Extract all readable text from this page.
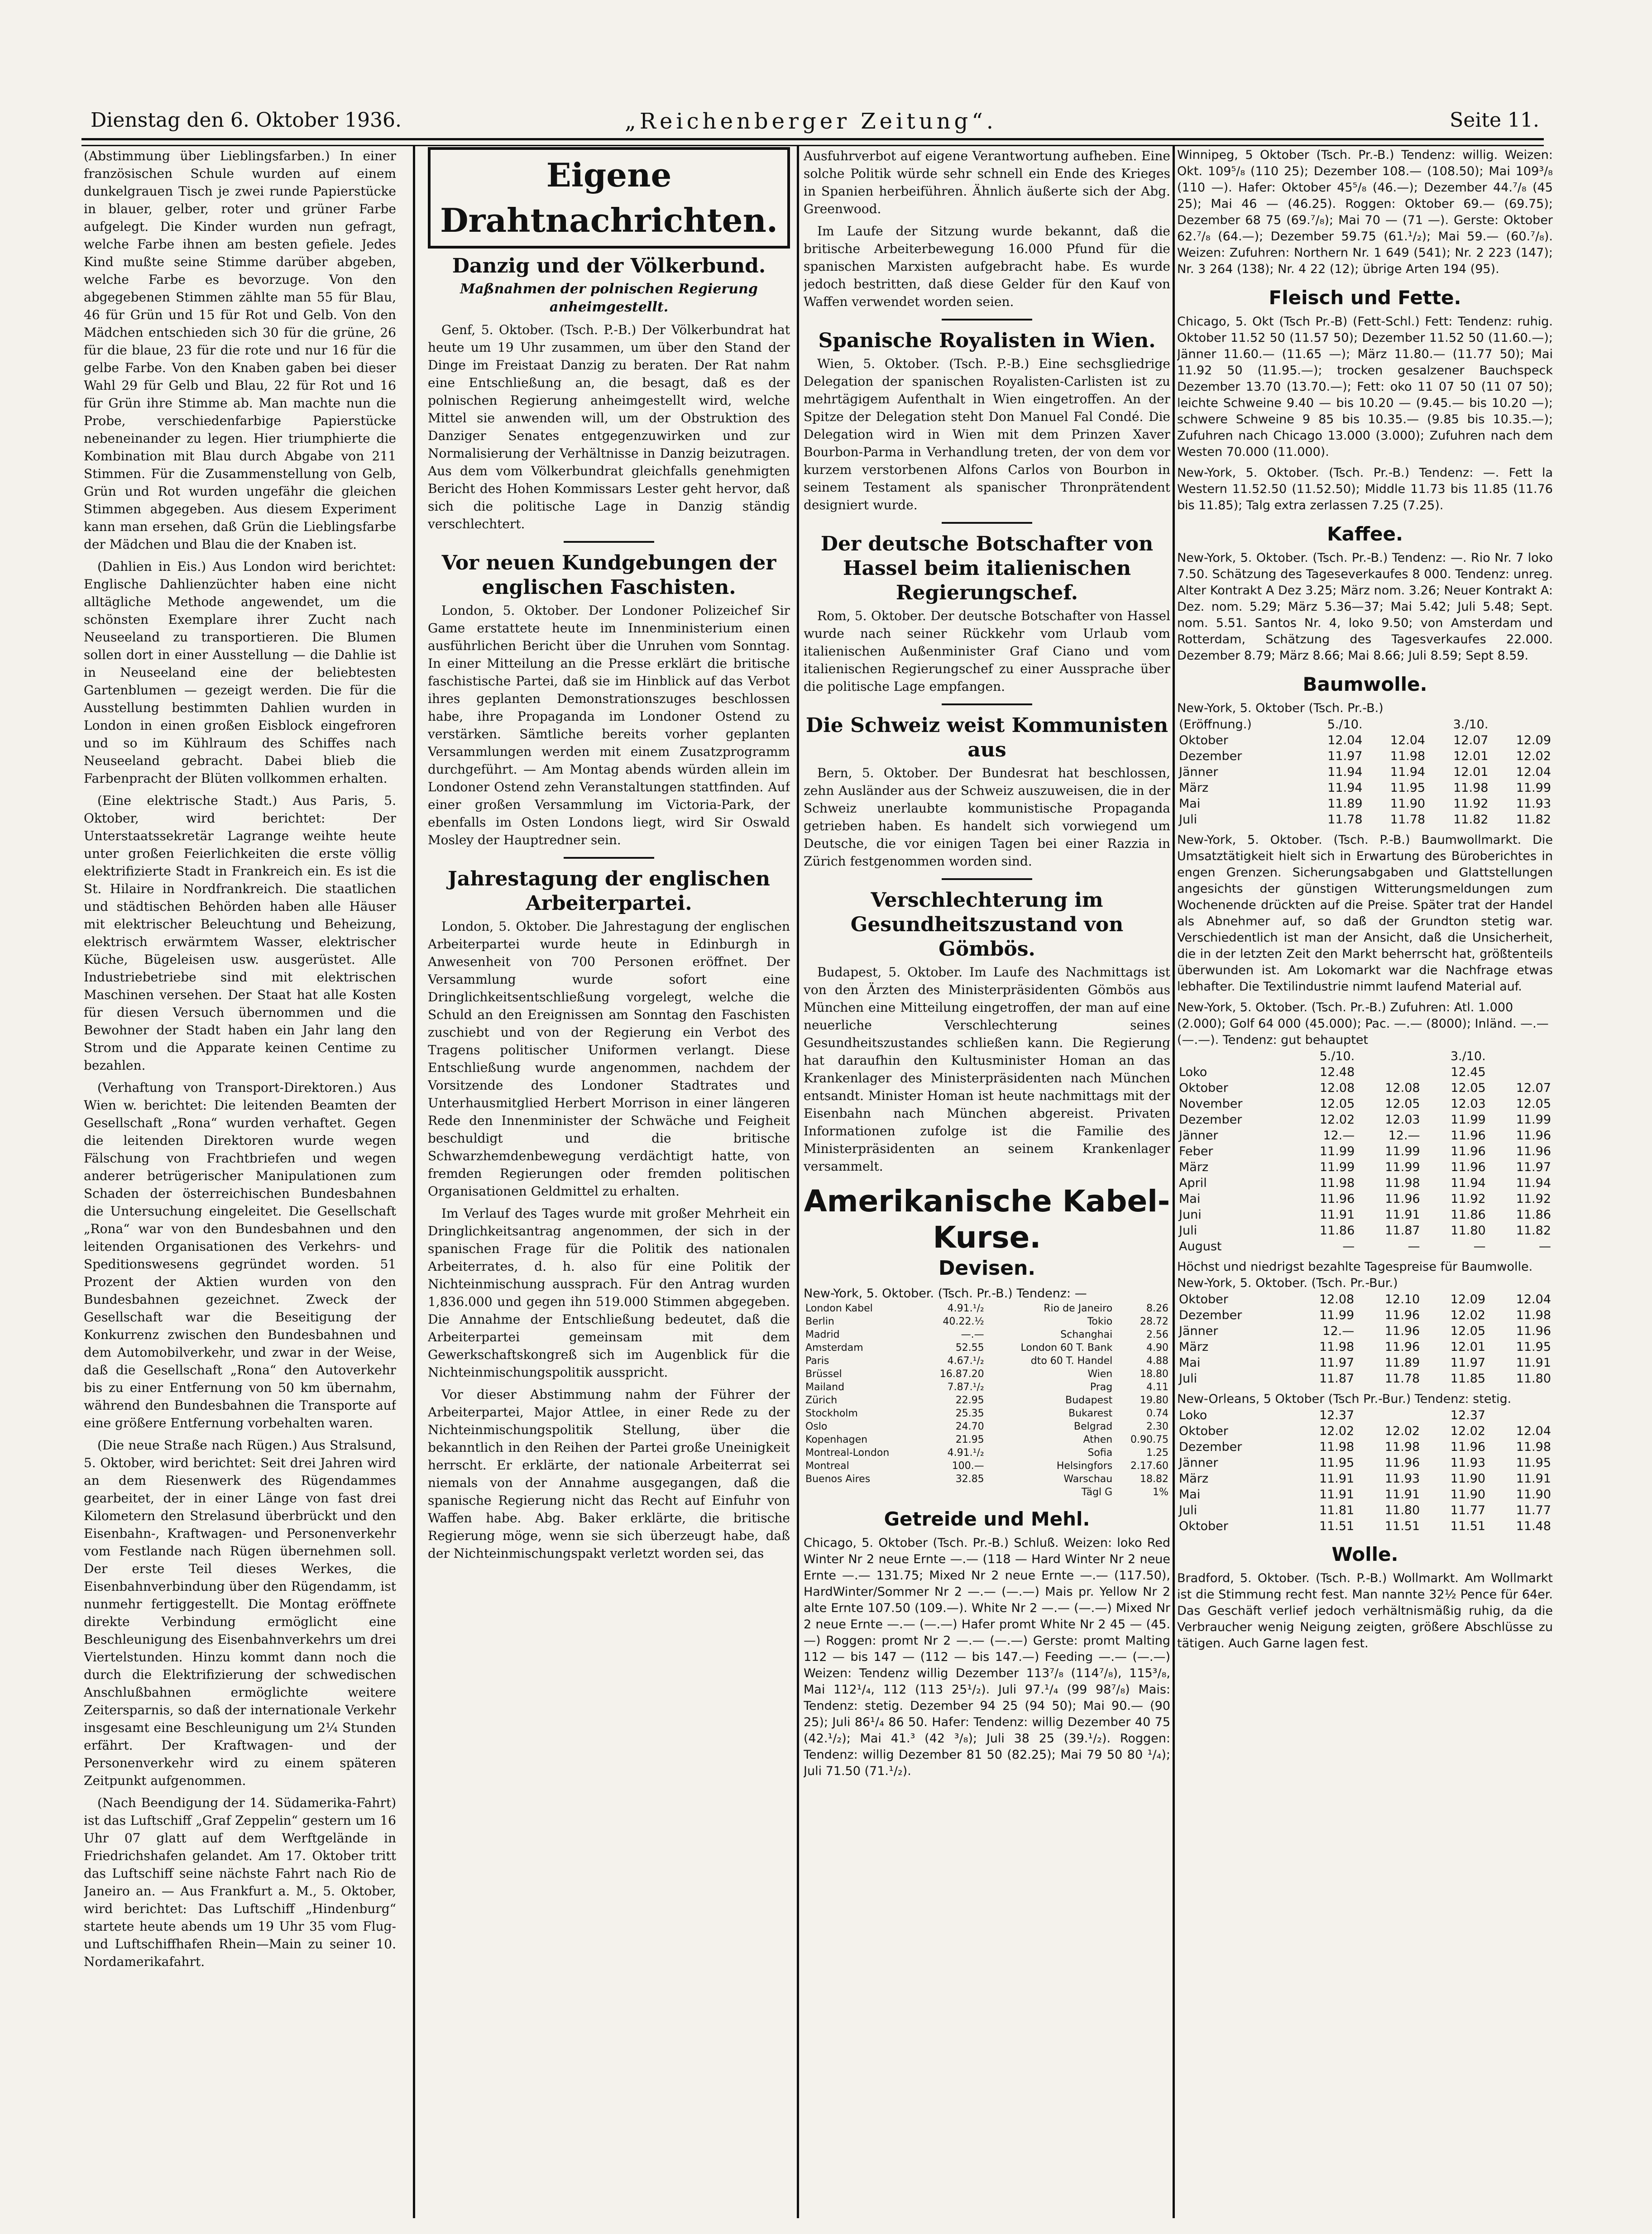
Dienstag den 6. Oktober 1936.	„Reichenberger Zeitung“.	Seite 11.

(Abstimmung über Lieblingsfarben.) In einer französischen Schule wurden auf einem dunkelgrauen Tisch je zwei runde Papierstücke in blauer, gelber, roter und grüner Farbe aufgelegt. Die Kinder wurden nun gefragt, welche Farbe ihnen am besten gefiele. Jedes Kind mußte seine Stimme darüber abgeben, welche Farbe es bevorzuge. Von den abgegebenen Stimmen zählte man 55 für Blau, 46 für Grün und 15 für Rot und Gelb. Von den Mädchen entschieden sich 30 für die grüne, 26 für die blaue, 23 für die rote und nur 16 für die gelbe Farbe. Von den Knaben gaben bei dieser Wahl 29 für Gelb und Blau, 22 für Rot und 16 für Grün ihre Stimme ab. Man machte nun die Probe, verschiedenfarbige Papierstücke nebeneinander zu legen. Hier triumphierte die Kombination mit Blau durch Abgabe von 211 Stimmen. Für die Zusammenstellung von Gelb, Grün und Rot wurden ungefähr die gleichen Stimmen abgegeben. Aus diesem Experiment kann man ersehen, daß Grün die Lieblingsfarbe der Mädchen und Blau die der Knaben ist.

(Dahlien in Eis.) Aus London wird berichtet: Englische Dahlienzüchter haben eine nicht alltägliche Methode angewendet, um die schönsten Exemplare ihrer Zucht nach Neuseeland zu transportieren. Die Blumen sollen dort in einer Ausstellung — die Dahlie ist in Neuseeland eine der beliebtesten Gartenblumen — gezeigt werden. Die für die Ausstellung bestimmten Dahlien wurden in London in einen großen Eisblock eingefroren und so im Kühlraum des Schiffes nach Neuseeland gebracht. Dabei blieb die Farbenpracht der Blüten vollkommen erhalten.

(Eine elektrische Stadt.) Aus Paris, 5. Oktober, wird berichtet: Der Unterstaatssekretär Lagrange weihte heute unter großen Feierlichkeiten die erste völlig elektrifizierte Stadt in Frankreich ein. Es ist die St. Hilaire in Nordfrankreich. Die staatlichen und städtischen Behörden haben alle Häuser mit elektrischer Beleuchtung und Beheizung, elektrisch erwärmtem Wasser, elektrischer Küche, Bügeleisen usw. ausgerüstet. Alle Industriebetriebe sind mit elektrischen Maschinen versehen. Der Staat hat alle Kosten für diesen Versuch übernommen und die Bewohner der Stadt haben ein Jahr lang den Strom und die Apparate keinen Centime zu bezahlen.

(Verhaftung von Transport-Direktoren.) Aus Wien w. berichtet: Die leitenden Beamten der Gesellschaft „Rona“ wurden verhaftet. Gegen die leitenden Direktoren wurde wegen Fälschung von Frachtbriefen und wegen anderer betrügerischer Manipulationen zum Schaden der österreichischen Bundesbahnen die Untersuchung eingeleitet. Die Gesellschaft „Rona“ war von den Bundesbahnen und den leitenden Organisationen des Verkehrs- und Speditionswesens gegründet worden. 51 Prozent der Aktien wurden von den Bundesbahnen gezeichnet. Zweck der Gesellschaft war die Beseitigung der Konkurrenz zwischen den Bundesbahnen und dem Automobilverkehr, und zwar in der Weise, daß die Gesellschaft „Rona“ den Autoverkehr bis zu einer Entfernung von 50 km übernahm, während den Bundesbahnen die Transporte auf eine größere Entfernung vorbehalten waren.

(Die neue Straße nach Rügen.) Aus Stralsund, 5. Oktober, wird berichtet: Seit drei Jahren wird an dem Riesenwerk des Rügendammes gearbeitet, der in einer Länge von fast drei Kilometern den Strelasund überbrückt und den Eisenbahn-, Kraftwagen- und Personenverkehr vom Festlande nach Rügen übernehmen soll. Der erste Teil dieses Werkes, die Eisenbahnverbindung über den Rügendamm, ist nunmehr fertiggestellt. Die Montag eröffnete direkte Verbindung ermöglicht eine Beschleunigung des Eisenbahnverkehrs um drei Viertelstunden. Hinzu kommt dann noch die durch die Elektrifizierung der schwedischen Anschlußbahnen ermöglichte weitere Zeitersparnis, so daß der internationale Verkehr insgesamt eine Beschleunigung um 2¼ Stunden erfährt. Der Kraftwagen- und der Personenverkehr wird zu einem späteren Zeitpunkt aufgenommen.

(Nach Beendigung der 14. Südamerika-Fahrt) ist das Luftschiff „Graf Zeppelin“ gestern um 16 Uhr 07 glatt auf dem Werftgelände in Friedrichshafen gelandet. Am 17. Oktober tritt das Luftschiff seine nächste Fahrt nach Rio de Janeiro an. — Aus Frankfurt a. M., 5. Oktober, wird berichtet: Das Luftschiff „Hindenburg“ startete heute abends um 19 Uhr 35 vom Flug- und Luftschiffhafen Rhein—Main zu seiner 10. Nordamerikafahrt.

Eigene Drahtnachrichten.
Danzig und der Völkerbund.
Maßnahmen der polnischen Regierung anheimgestellt.

Genf, 5. Oktober. (Tsch. P.-B.) Der Völkerbundrat hat heute um 19 Uhr zusammen, um über den Stand der Dinge im Freistaat Danzig zu beraten. Der Rat nahm eine Entschließung an, die besagt, daß es der polnischen Regierung anheimgestellt wird, welche Mittel sie anwenden will, um der Obstruktion des Danziger Senates entgegenzuwirken und zur Normalisierung der Verhältnisse in Danzig beizutragen. Aus dem vom Völkerbundrat gleichfalls genehmigten Bericht des Hohen Kommissars Lester geht hervor, daß sich die politische Lage in Danzig ständig verschlechtert.

Vor neuen Kundgebungen der englischen Faschisten.

London, 5. Oktober. Der Londoner Polizeichef Sir Game erstattete heute im Innenministerium einen ausführlichen Bericht über die Unruhen vom Sonntag. In einer Mitteilung an die Presse erklärt die britische faschistische Partei, daß sie im Hinblick auf das Verbot ihres geplanten Demonstrationszuges beschlossen habe, ihre Propaganda im Londoner Ostend zu verstärken. Sämtliche bereits vorher geplanten Versammlungen werden mit einem Zusatzprogramm durchgeführt. — Am Montag abends würden allein im Londoner Ostend zehn Veranstaltungen stattfinden. Auf einer großen Versammlung im Victoria-Park, der ebenfalls im Osten Londons liegt, wird Sir Oswald Mosley der Hauptredner sein.

Jahrestagung der englischen Arbeiterpartei.

London, 5. Oktober. Die Jahrestagung der englischen Arbeiterpartei wurde heute in Edinburgh in Anwesenheit von 700 Personen eröffnet. Der Versammlung wurde sofort eine Dringlichkeitsentschließung vorgelegt, welche die Schuld an den Ereignissen am Sonntag den Faschisten zuschiebt und von der Regierung ein Verbot des Tragens politischer Uniformen verlangt. Diese Entschließung wurde angenommen, nachdem der Vorsitzende des Londoner Stadtrates und Unterhausmitglied Herbert Morrison in einer längeren Rede den Innenminister der Schwäche und Feigheit beschuldigt und die britische Schwarzhemdenbewegung verdächtigt hatte, von fremden Regierungen oder fremden politischen Organisationen Geldmittel zu erhalten.

Im Verlauf des Tages wurde mit großer Mehrheit ein Dringlichkeitsantrag angenommen, der sich in der spanischen Frage für die Politik des nationalen Arbeiterrates, d. h. also für eine Politik der Nichteinmischung aussprach. Für den Antrag wurden 1,836.000 und gegen ihn 519.000 Stimmen abgegeben. Die Annahme der Entschließung bedeutet, daß die Arbeiterpartei gemeinsam mit dem Gewerkschaftskongreß sich im Augenblick für die Nichteinmischungspolitik ausspricht.

Vor dieser Abstimmung nahm der Führer der Arbeiterpartei, Major Attlee, in einer Rede zu der Nichteinmischungspolitik Stellung, über die bekanntlich in den Reihen der Partei große Uneinigkeit herrscht. Er erklärte, der nationale Arbeiterrat sei niemals von der Annahme ausgegangen, daß die spanische Regierung nicht das Recht auf Einfuhr von Waffen habe. Abg. Baker erklärte, die britische Regierung möge, wenn sie sich überzeugt habe, daß der Nichteinmischungspakt verletzt worden sei, das

Ausfuhrverbot auf eigene Verantwortung aufheben. Eine solche Politik würde sehr schnell ein Ende des Krieges in Spanien herbeiführen. Ähnlich äußerte sich der Abg. Greenwood.

Im Laufe der Sitzung wurde bekannt, daß die britische Arbeiterbewegung 16.000 Pfund für die spanischen Marxisten aufgebracht habe. Es wurde jedoch bestritten, daß diese Gelder für den Kauf von Waffen verwendet worden seien.

Spanische Royalisten in Wien.

Wien, 5. Oktober. (Tsch. P.-B.) Eine sechsgliedrige Delegation der spanischen Royalisten-Carlisten ist zu mehrtägigem Aufenthalt in Wien eingetroffen. An der Spitze der Delegation steht Don Manuel Fal Condé. Die Delegation wird in Wien mit dem Prinzen Xaver Bourbon-Parma in Verhandlung treten, der von dem vor kurzem verstorbenen Alfons Carlos von Bourbon in seinem Testament als spanischer Thronprätendent designiert wurde.

Der deutsche Botschafter von Hassel beim italienischen Regierungschef.

Rom, 5. Oktober. Der deutsche Botschafter von Hassel wurde nach seiner Rückkehr vom Urlaub vom italienischen Außenminister Graf Ciano und vom italienischen Regierungschef zu einer Aussprache über die politische Lage empfangen.

Die Schweiz weist Kommunisten aus

Bern, 5. Oktober. Der Bundesrat hat beschlossen, zehn Ausländer aus der Schweiz auszuweisen, die in der Schweiz unerlaubte kommunistische Propaganda getrieben haben. Es handelt sich vorwiegend um Deutsche, die vor einigen Tagen bei einer Razzia in Zürich festgenommen worden sind.

Verschlechterung im Gesundheitszustand von Gömbös.

Budapest, 5. Oktober. Im Laufe des Nachmittags ist von den Ärzten des Ministerpräsidenten Gömbös aus München eine Mitteilung eingetroffen, der man auf eine neuerliche Verschlechterung seines Gesundheitszustandes schließen kann. Die Regierung hat daraufhin den Kultusminister Homan an das Krankenlager des Ministerpräsidenten nach München entsandt. Minister Homan ist heute nachmittags mit der Eisenbahn nach München abgereist. Privaten Informationen zufolge ist die Familie des Ministerpräsidenten an seinem Krankenlager versammelt.

Amerikanische Kabel-Kurse.
Devisen.

New-York, 5. Oktober. (Tsch. Pr.-B.) Tendenz: —

London Kabel	4.91.¹/₂	Rio de Janeiro	8.26
Berlin	40.22.½	Tokio	28.72
Madrid	—.—	Schanghai	2.56
Amsterdam	52.55	London 60 T. Bank	4.90
Paris	4.67.¹/₂	dto 60 T. Handel	4.88
Brüssel	16.87.20	Wien	18.80
Mailand	7.87.¹/₂	Prag	4.11
Zürich	22.95	Budapest	19.80
Stockholm	25.35	Bukarest	0.74
Oslo	24.70	Belgrad	2.30
Kopenhagen	21.95	Athen	0.90.75
Montreal-London	4.91.¹/₂	Sofia	1.25
Montreal	100.—	Helsingfors	2.17.60
Buenos Aires	32.85	Warschau	18.82
		Tägl G	1%
Getreide und Mehl.

Chicago, 5. Oktober (Tsch. Pr.-B.) Schluß. Weizen: loko Red Winter Nr 2 neue Ernte —.— (118 — Hard Winter Nr 2 neue Ernte —.— 131.75; Mixed Nr 2 neue Ernte —.— (117.50), HardWinter/Sommer Nr 2 —.— (—.—) Mais pr. Yellow Nr 2 alte Ernte 107.50 (109.—). White Nr 2 —.— (—.—) Mixed Nr 2 neue Ernte —.— (—.—) Hafer promt White Nr 2 45 — (45.—) Roggen: promt Nr 2 —.— (—.—) Gerste: promt Malting 112 — bis 147 — (112 — bis 147.—) Feeding —.— (—.—) Weizen: Tendenz willig Dezember 113⁷/₈ (114⁷/₈), 115³/₈, Mai 112¹/₄, 112 (113 25¹/₂). Juli 97.¹/₄ (99 98⁷/₈) Mais: Tendenz: stetig. Dezember 94 25 (94 50); Mai 90.— (90 25); Juli 86¹/₄ 86 50. Hafer: Tendenz: willig Dezember 40 75 (42.¹/₂); Mai 41.³ (42 ³/₈); Juli 38 25 (39.¹/₂). Roggen: Tendenz: willig Dezember 81 50 (82.25); Mai 79 50 80 ¹/₄); Juli 71.50 (71.¹/₂).

Winnipeg, 5 Oktober (Tsch. Pr.-B.) Tendenz: willig. Weizen: Okt. 109⁵/₈ (110 25); Dezember 108.— (108.50); Mai 109³/₈ (110 —). Hafer: Oktober 45⁵/₈ (46.—); Dezember 44.⁷/₈ (45 25); Mai 46 — (46.25). Roggen: Oktober 69.— (69.75); Dezember 68 75 (69.⁷/₈); Mai 70 — (71 —). Gerste: Oktober 62.⁷/₈ (64.—); Dezember 59.75 (61.¹/₂); Mai 59.— (60.⁷/₈). Weizen: Zufuhren: Northern Nr. 1 649 (541); Nr. 2 223 (147); Nr. 3 264 (138); Nr. 4 22 (12); übrige Arten 194 (95).

Fleisch und Fette.

Chicago, 5. Okt (Tsch Pr.-B) (Fett-Schl.) Fett: Tendenz: ruhig. Oktober 11.52 50 (11.57 50); Dezember 11.52 50 (11.60.—); Jänner 11.60.— (11.65 —); März 11.80.— (11.77 50); Mai 11.92 50 (11.95.—); trocken gesalzener Bauchspeck Dezember 13.70 (13.70.—); Fett: oko 11 07 50 (11 07 50); leichte Schweine 9.40 — bis 10.20 — (9.45.— bis 10.20 —); schwere Schweine 9 85 bis 10.35.— (9.85 bis 10.35.—); Zufuhren nach Chicago 13.000 (3.000); Zufuhren nach dem Westen 70.000 (11.000).

New-York, 5. Oktober. (Tsch. Pr.-B.) Tendenz: —. Fett la Western 11.52.50 (11.52.50); Middle 11.73 bis 11.85 (11.76 bis 11.85); Talg extra zerlassen 7.25 (7.25).

Kaffee.

New-York, 5. Oktober. (Tsch. Pr.-B.) Tendenz: —. Rio Nr. 7 loko 7.50. Schätzung des Tageseverkaufes 8 000. Tendenz: unreg. Alter Kontrakt A Dez 3.25; März nom. 3.26; Neuer Kontrakt A: Dez. nom. 5.29; März 5.36—37; Mai 5.42; Juli 5.48; Sept. nom. 5.51. Santos Nr. 4, loko 9.50; von Amsterdam und Rotterdam, Schätzung des Tagesverkaufes 22.000. Dezember 8.79; März 8.66; Mai 8.66; Juli 8.59; Sept 8.59.

Baumwolle.

New-York, 5. Oktober (Tsch. Pr.-B.)

(Eröffnung.)	5./10.		3./10.	
Oktober	12.04	12.04	12.07	12.09
Dezember	11.97	11.98	12.01	12.02
Jänner	11.94	11.94	12.01	12.04
März	11.94	11.95	11.98	11.99
Mai	11.89	11.90	11.92	11.93
Juli	11.78	11.78	11.82	11.82

New-York, 5. Oktober. (Tsch. P.-B.) Baumwollmarkt. Die Umsatztätigkeit hielt sich in Erwartung des Büroberichtes in engen Grenzen. Sicherungsabgaben und Glattstellungen angesichts der günstigen Witterungsmeldungen zum Wochenende drückten auf die Preise. Später trat der Handel als Abnehmer auf, so daß der Grundton stetig war. Verschiedentlich ist man der Ansicht, daß die Unsicherheit, die in der letzten Zeit den Markt beherrscht hat, größtenteils überwunden ist. Am Lokomarkt war die Nachfrage etwas lebhafter. Die Textilindustrie nimmt laufend Material auf.

New-York, 5. Oktober. (Tsch. Pr.-B.) Zufuhren: Atl. 1.000 (2.000); Golf 64 000 (45.000); Pac. —.— (8000); Inländ. —.— (—.—). Tendenz: gut behauptet

	5./10.		3./10.	
Loko	12.48		12.45	
Oktober	12.08	12.08	12.05	12.07
November	12.05	12.05	12.03	12.05
Dezember	12.02	12.03	11.99	11.99
Jänner	12.—	12.—	11.96	11.96
Feber	11.99	11.99	11.96	11.96
März	11.99	11.99	11.96	11.97
April	11.98	11.98	11.94	11.94
Mai	11.96	11.96	11.92	11.92
Juni	11.91	11.91	11.86	11.86
Juli	11.86	11.87	11.80	11.82
August	—	—	—	—

Höchst und niedrigst bezahlte Tagespreise für Baumwolle. New-York, 5. Oktober. (Tsch. Pr.-Bur.)

Oktober	12.08	12.10	12.09	12.04
Dezember	11.99	11.96	12.02	11.98
Jänner	12.—	11.96	12.05	11.96
März	11.98	11.96	12.01	11.95
Mai	11.97	11.89	11.97	11.91
Juli	11.87	11.78	11.85	11.80

New-Orleans, 5 Oktober (Tsch Pr.-Bur.) Tendenz: stetig.

Loko	12.37		12.37	
Oktober	12.02	12.02	12.02	12.04
Dezember	11.98	11.98	11.96	11.98
Jänner	11.95	11.96	11.93	11.95
März	11.91	11.93	11.90	11.91
Mai	11.91	11.91	11.90	11.90
Juli	11.81	11.80	11.77	11.77
Oktober	11.51	11.51	11.51	11.48
Wolle.

Bradford, 5. Oktober. (Tsch. P.-B.) Wollmarkt. Am Wollmarkt ist die Stimmung recht fest. Man nannte 32½ Pence für 64er. Das Geschäft verlief jedoch verhältnismäßig ruhig, da die Verbraucher wenig Neigung zeigten, größere Abschlüsse zu tätigen. Auch Garne lagen fest.
